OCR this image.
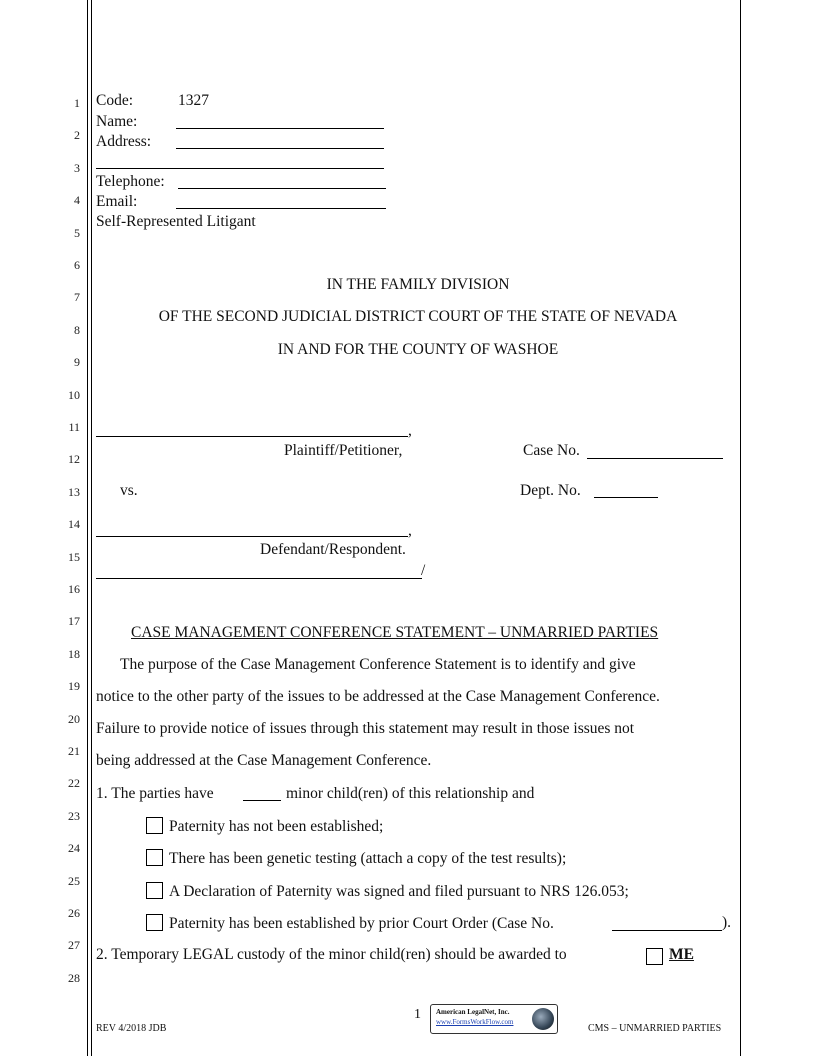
1
2
3
4
5
6
7
8
9
10
11
12
13
14
15
16
17
18
19
20
21
22
23
24
25
26
27
28
Code:	1327
Name:
Address:
Telephone:
Email:
Self-Represented Litigant
IN THE FAMILY DIVISION
OF THE SECOND JUDICIAL DISTRICT COURT OF THE STATE OF NEVADA
IN AND FOR THE COUNTY OF WASHOE
,
Plaintiff/Petitioner,	Case No.
vs.	Dept. No.
,
Defendant/Respondent.
/
CASE MANAGEMENT CONFERENCE STATEMENT – UNMARRIED PARTIES
The purpose of the Case Management Conference Statement is to identify and give
notice to the other party of the issues to be addressed at the Case Management Conference.
Failure to provide notice of issues through this statement may result in those issues not
being addressed at the Case Management Conference.
1. The parties have	minor child(ren) of this relationship and
Paternity has not been established;
There has been genetic testing (attach a copy of the test results);
A Declaration of Paternity was signed and filed pursuant to NRS 126.053;
Paternity has been established by prior Court Order (Case No.	).
2. Temporary LEGAL custody of the minor child(ren) should be awarded to	ME
REV 4/2018 JDB
1 American LegalNet, Inc.
www.FormsWorkFlow.com
CMS – UNMARRIED PARTIES
